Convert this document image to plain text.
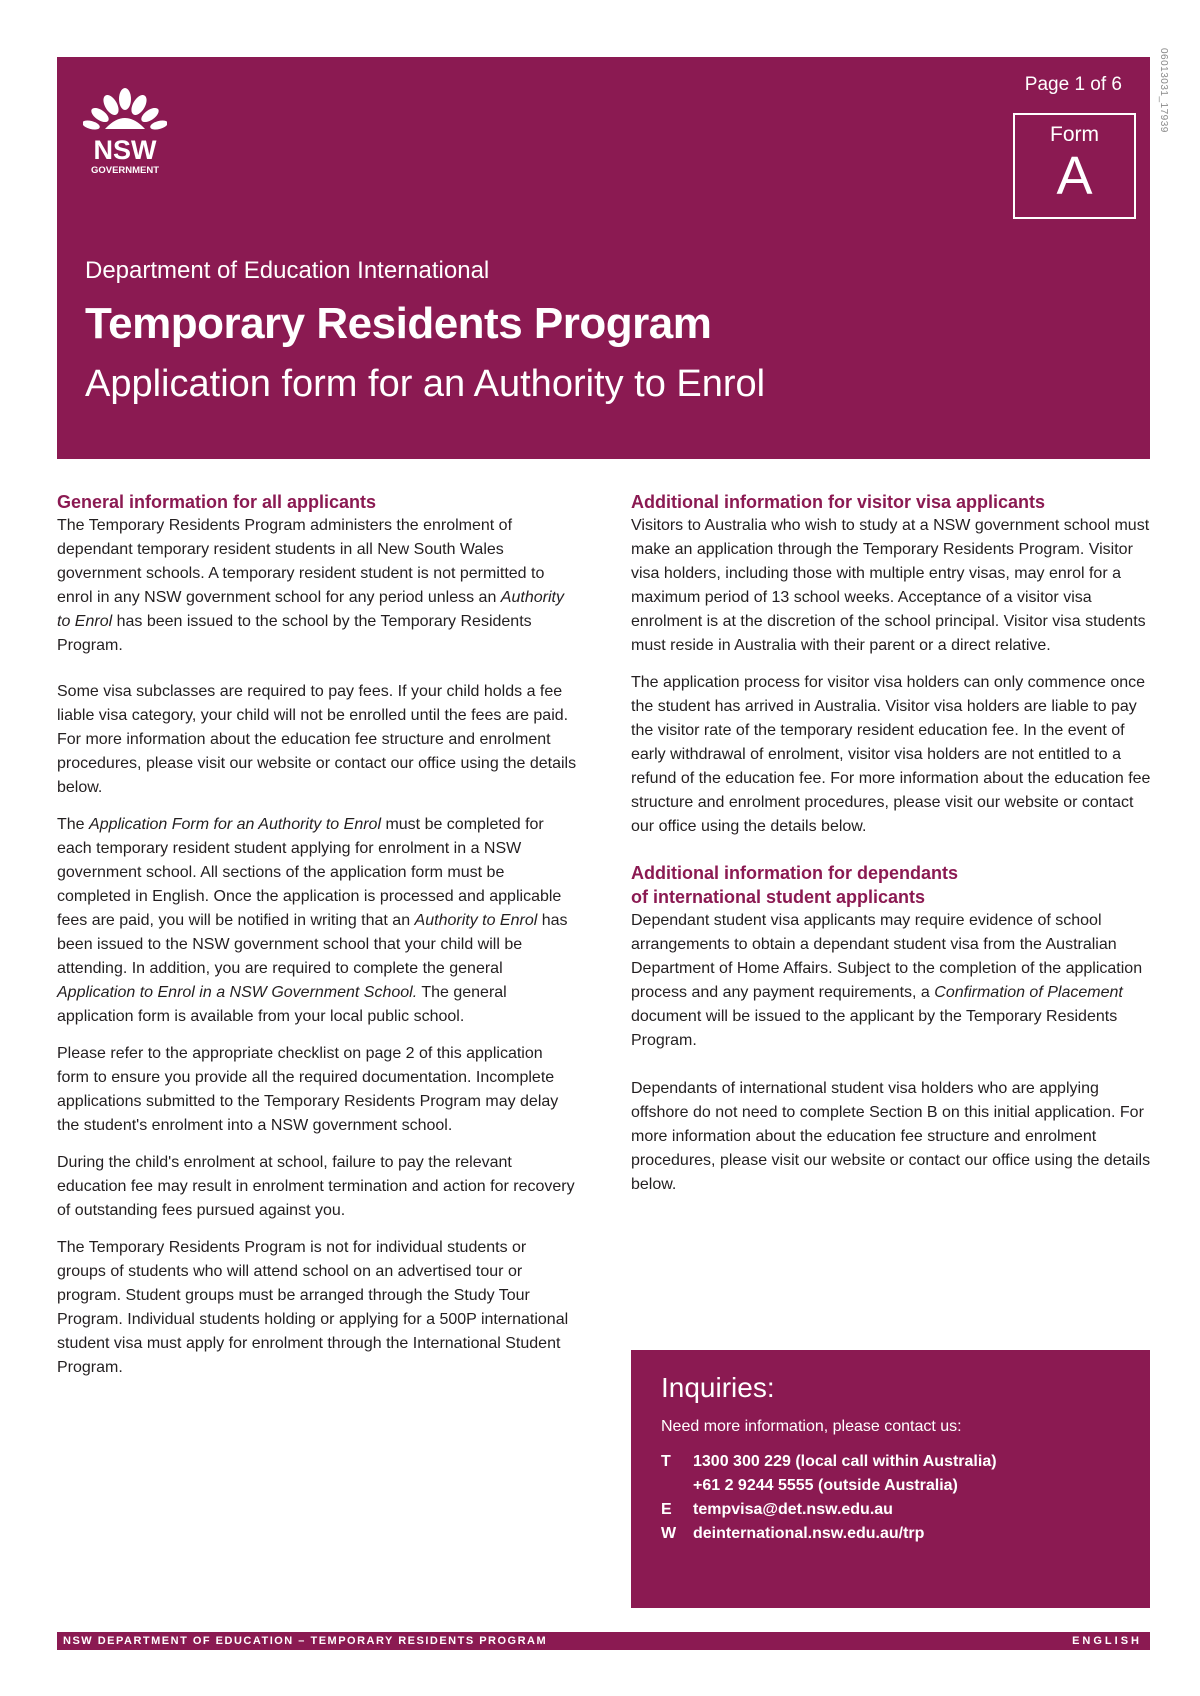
06013031_17939
NSW
GOVERNMENT
Page 1 of 6
Form
A
Department of Education International
Temporary Residents Program
Application form for an Authority to Enrol
General information for all applicants

The Temporary Residents Program administers the enrolment of dependant temporary resident students in all New South Wales government schools. A temporary resident student is not permitted to enrol in any NSW government school for any period unless an Authority to Enrol has been issued to the school by the Temporary Residents Program.

Some visa subclasses are required to pay fees. If your child holds a fee liable visa category, your child will not be enrolled until the fees are paid. For more information about the education fee structure and enrolment procedures, please visit our website or contact our office using the details below.

The Application Form for an Authority to Enrol must be completed for each temporary resident student applying for enrolment in a NSW government school. All sections of the application form must be completed in English. Once the application is processed and applicable fees are paid, you will be notified in writing that an Authority to Enrol has been issued to the NSW government school that your child will be attending. In addition, you are required to complete the general Application to Enrol in a NSW Government School. The general application form is available from your local public school.

Please refer to the appropriate checklist on page 2 of this application form to ensure you provide all the required documentation. Incomplete applications submitted to the Temporary Residents Program may delay the student's enrolment into a NSW government school.

During the child's enrolment at school, failure to pay the relevant education fee may result in enrolment termination and action for recovery of outstanding fees pursued against you.

The Temporary Residents Program is not for individual students or groups of students who will attend school on an advertised tour or program. Student groups must be arranged through the Study Tour Program. Individual students holding or applying for a 500P international student visa must apply for enrolment through the International Student Program.

Additional information for visitor visa applicants

Visitors to Australia who wish to study at a NSW government school must make an application through the Temporary Residents Program. Visitor visa holders, including those with multiple entry visas, may enrol for a maximum period of 13 school weeks. Acceptance of a visitor visa enrolment is at the discretion of the school principal. Visitor visa students must reside in Australia with their parent or a direct relative.

The application process for visitor visa holders can only commence once the student has arrived in Australia. Visitor visa holders are liable to pay the visitor rate of the temporary resident education fee. In the event of early withdrawal of enrolment, visitor visa holders are not entitled to a refund of the education fee. For more information about the education fee structure and enrolment procedures, please visit our website or contact our office using the details below.

Additional information for dependants
of international student applicants

Dependant student visa applicants may require evidence of school arrangements to obtain a dependant student visa from the Australian Department of Home Affairs. Subject to the completion of the application process and any payment requirements, a Confirmation of Placement document will be issued to the applicant by the Temporary Residents Program.

Dependants of international student visa holders who are applying offshore do not need to complete Section B on this initial application. For more information about the education fee structure and enrolment procedures, please visit our website or contact our office using the details below.

Inquiries:
Need more information, please contact us:
T	1300 300 229 (local call within Australia)
+61 2 9244 5555 (outside Australia)
E	tempvisa@det.nsw.edu.au
W	deinternational.nsw.edu.au/trp
NSW DEPARTMENT OF EDUCATION – TEMPORARY RESIDENTS PROGRAM	ENGLISH
